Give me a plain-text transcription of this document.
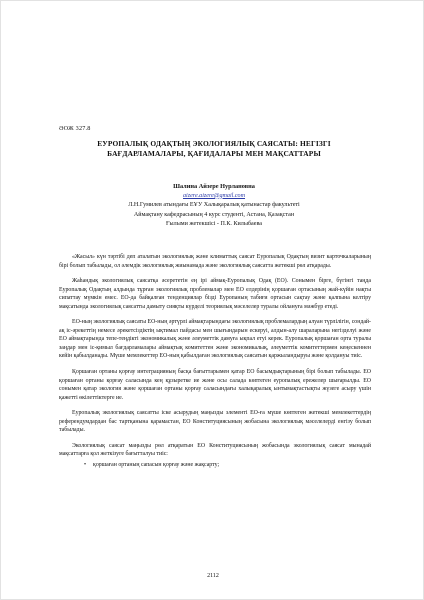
ӘОЖ 327.8
ЕУРОПАЛЫҚ ОДАҚТЫҢ ЭКОЛОГИЯЛЫҚ САЯСАТЫ: НЕГІЗГІ
БАҒДАРЛАМАЛАРЫ, ҚАҒИДАЛАРЫ МЕН МАҚСАТТАРЫ
Шалина Айзере Нурлановна
aizere.aizere@gmail.com
Л.Н.Гумилев атындағы ЕҰУ Халықаралық қатынастар факультеті
Аймақтану кафедрасының 4 курс студенті, Астана, Қазақстан
Ғылыми жетекшісі - П.К. Килыбаева

«Жасыл» күн тәртібі деп аталатын экологиялық және климаттық саясат Еуропалық Одақтың визит карточкаларының бірі болып табылады, ол әлемдік экологиялық жиынамада және экологиялық саясатта жетекші рөл атқарады.

Жаһандық экологиялық саясатқа әсерететін ең ірі аймақ-Еуропалық Одақ (ЕО). Сонымен бірге, бүгінгі таңда Еуропалық Одақтың алдында тұрған экологиялық проблемалар мен ЕО елдерінің қоршаған ортасының жай-күйін нақты сипаттау мүмкін емес. ЕО-да байқалған тенденциялар бізді Еуропаның табиғи ортасын сақтау және қалпына келтіру мақсатында экологиялық саясатты дамыту сияқты күрделі теориялық мәселелер туралы ойлануға мәжбүр етеді.

ЕО-ның экологиялық саясаты ЕО-ның әртүрлі аймақтарындағы экологиялық проблемалардың алуан түрлілігін, сондай-ақ іс-әрекеттің немесе әрекетсіздіктің ықтимал пайдасы мен шығындарын ескеруі, алдын-алу шараларына негізделуі және ЕО аймақтарында тепе-теңдікті экономикалық және әлеуметтік дамуға ықпал етуі керек. Еуропалық қоршаған орта туралы заңдар мен іс-қимыл бағдарламалары аймақтық комитеттен және экономикалық, әлеуметтік комитеттермен кеңескеннен кейін қабылданады. Мүше мемлекеттер ЕО-ның қабылдаған экологиялық саясатын қаржыландыруы және қолдануы тиіс.

Қоршаған ортаны қорғау интеграцияның басқа бағыттарымен қатар ЕО басымдықтарының бірі болып табылады. ЕО қоршаған ортаны қорғау саласында кең құзыретке ие және осы салада көптеген еуропалық ережелер шығарылды. ЕО сонымен қатар экология және қоршаған ортаны қорғау саласындағы халықаралық ынтымақтастықты жүзеге асыру үшін қажетті өкілеттіктерге ие.

Еуропалық экологиялық саясатты іске асырудың маңызды элементі ЕО-ға мүше көптеген жетекші мемлекеттердің референдумдардан бас тартқанына қарамастан, ЕО Конституциясының жобасына экологиялық мәселелерді енгізу болып табылады.

Экологиялық саясат маңызды рөл атқаратын ЕО Конституциясының жобасында экологиялық саясат мынадай мақсаттарға қол жеткізуге бағытталуы тиіс:

• қоршаған ортаның сапасын қорғау және жақсарту;
2112
